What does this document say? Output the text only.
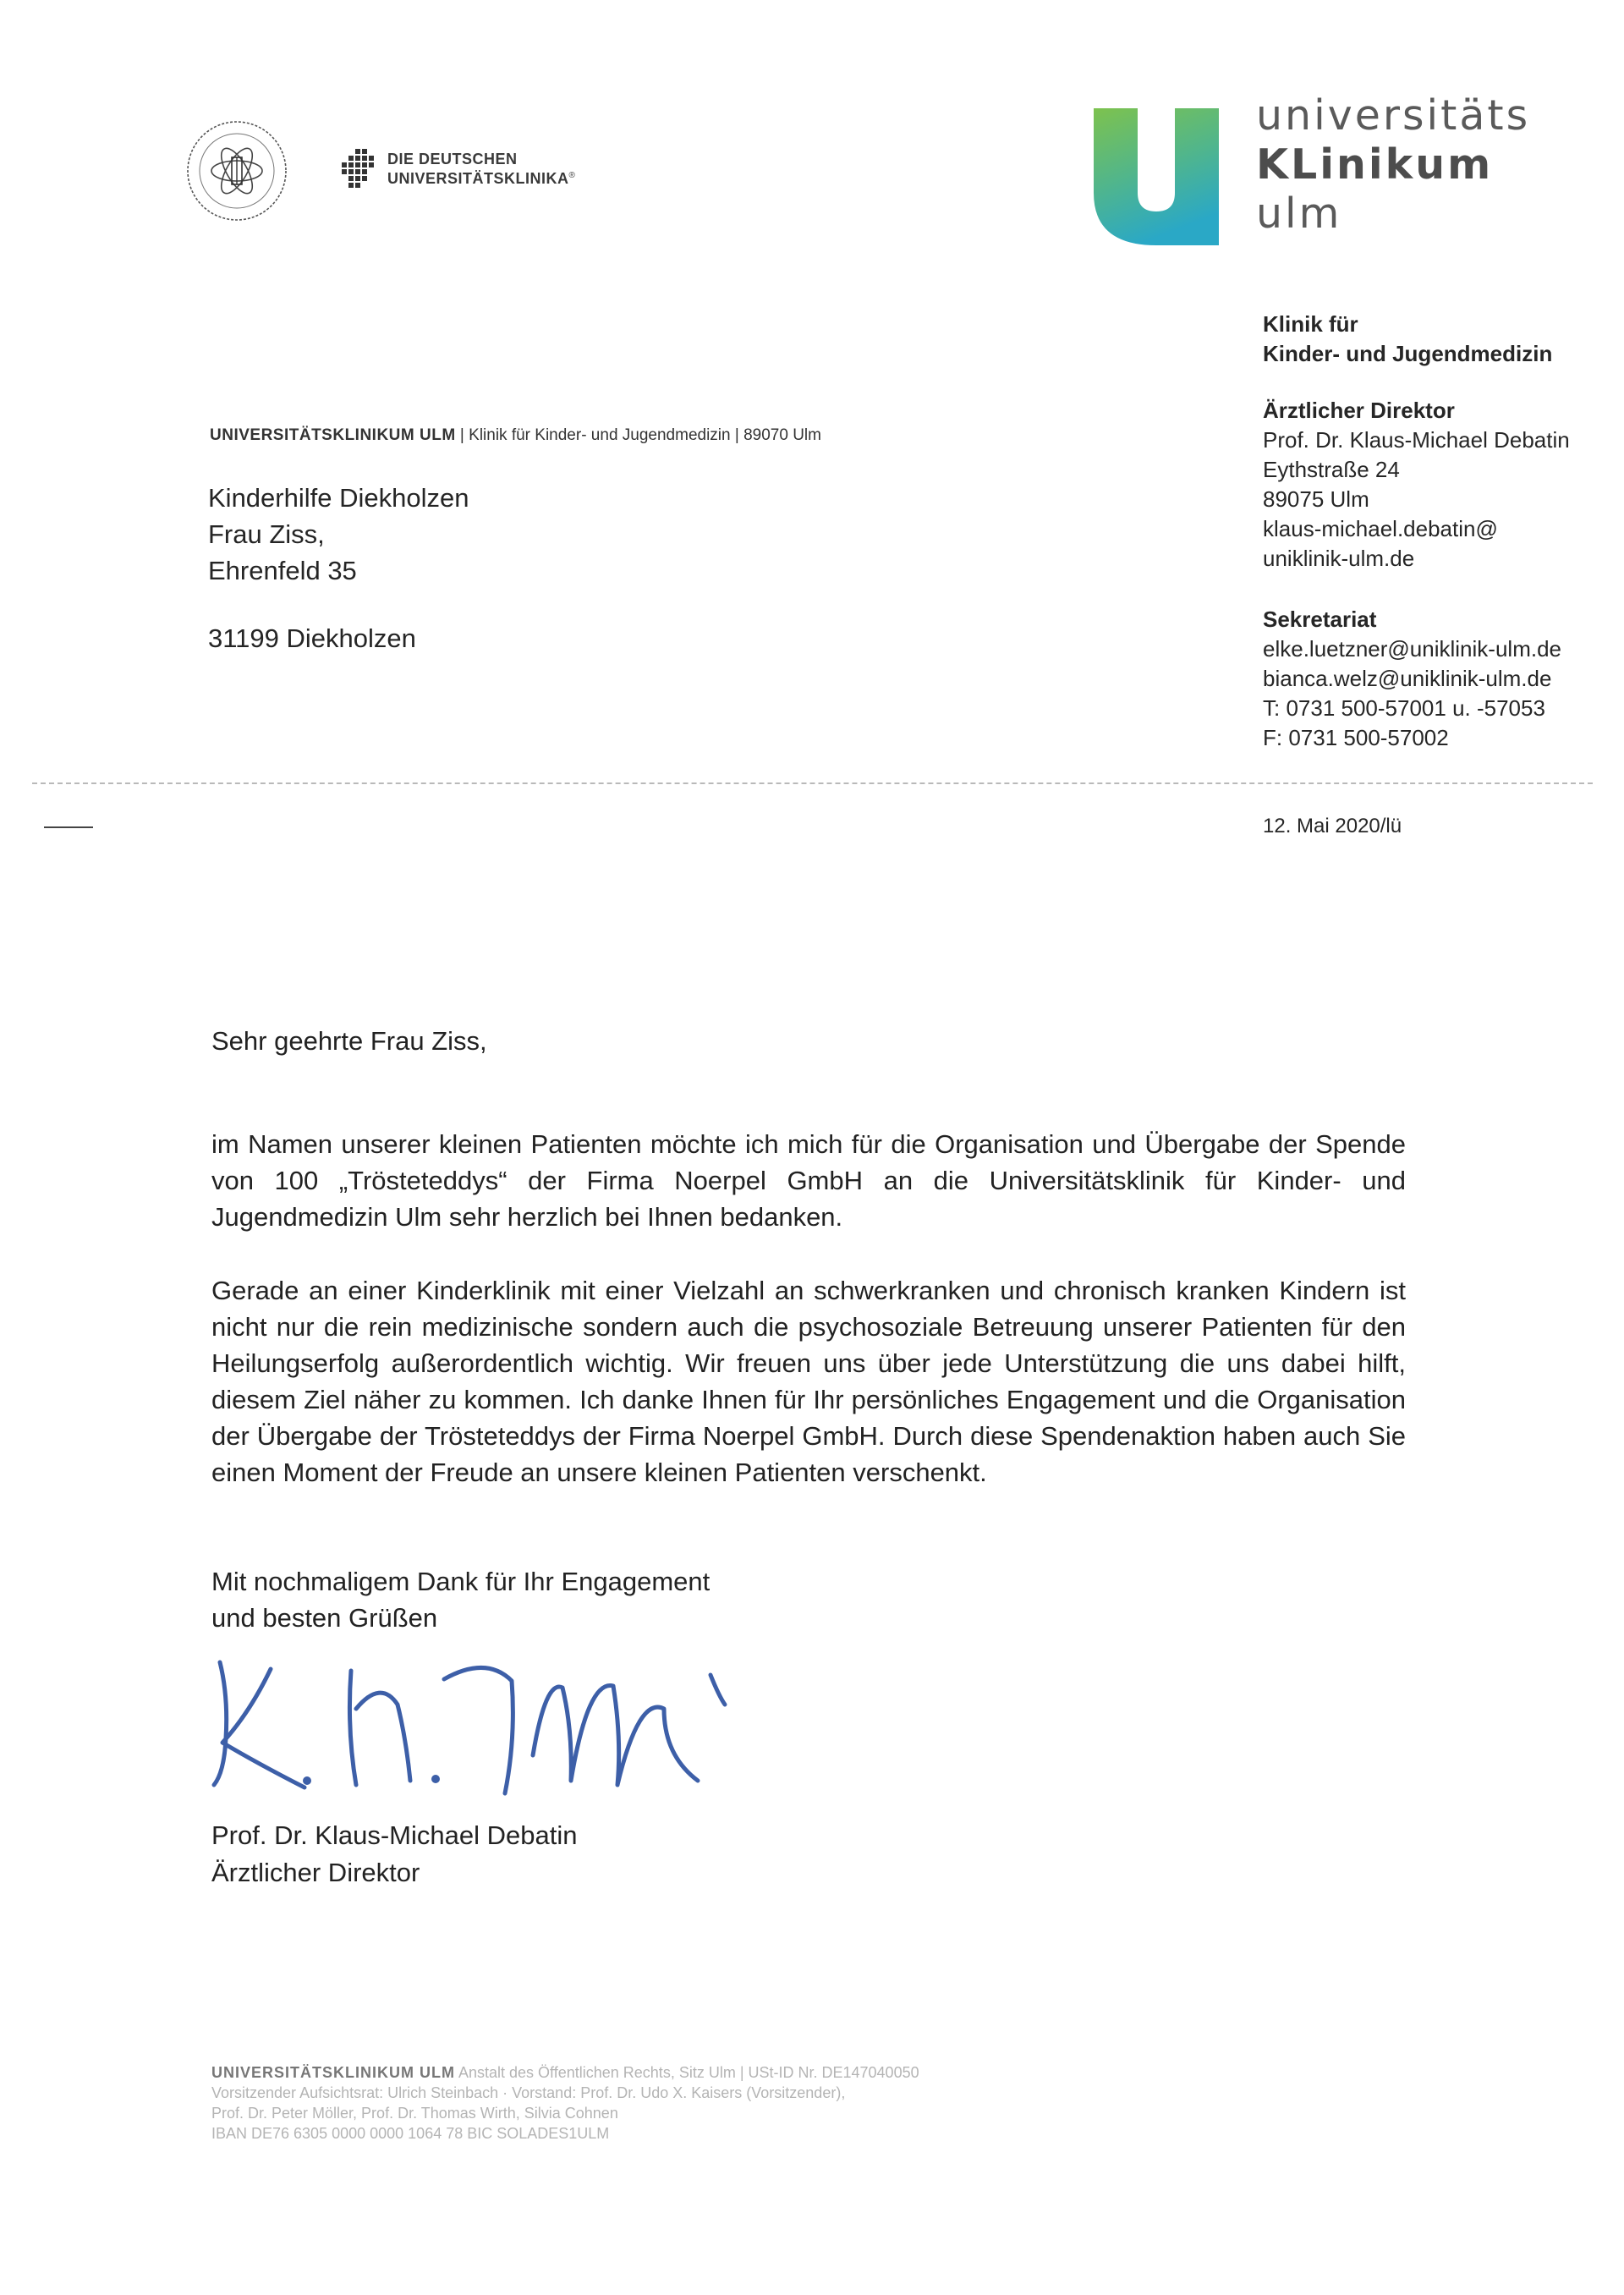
DIE DEUTSCHEN
UNIVERSITÄTSKLINIKA®
universitäts
KLinikum
ulm
Klinik für
Kinder- und Jugendmedizin
Ärztlicher Direktor
Prof. Dr. Klaus-Michael Debatin
Eythstraße 24
89075 Ulm
klaus-michael.debatin@
uniklinik-ulm.de
Sekretariat
elke.luetzner@uniklinik-ulm.de
bianca.welz@uniklinik-ulm.de
T: 0731 500-57001 u. -57053
F: 0731 500-57002
12. Mai 2020/lü
UNIVERSITÄTSKLINIKUM ULM | Klinik für Kinder- und Jugendmedizin | 89070 Ulm
Kinderhilfe Diekholzen
Frau Ziss,
Ehrenfeld 35
31199 Diekholzen
Sehr geehrte Frau Ziss,
im Namen unserer kleinen Patienten möchte ich mich für die Organisation und Übergabe der Spende von 100 „Trösteteddys“ der Firma Noerpel GmbH an die Universitätsklinik für Kinder- und Jugendmedizin Ulm sehr herzlich bei Ihnen bedanken.
Gerade an einer Kinderklinik mit einer Vielzahl an schwerkranken und chronisch kranken Kindern ist nicht nur die rein medizinische sondern auch die psychosoziale Betreuung unserer Patienten für den Heilungserfolg außerordentlich wichtig. Wir freuen uns über jede Unterstützung die uns dabei hilft, diesem Ziel näher zu kommen. Ich danke Ihnen für Ihr persönliches Engagement und die Organisation der Übergabe der Trösteteddys der Firma Noerpel GmbH. Durch diese Spendenaktion haben auch Sie einen Moment der Freude an unsere kleinen Patienten verschenkt.
Mit nochmaligem Dank für Ihr Engagement
und besten Grüßen
Prof. Dr. Klaus-Michael Debatin
Ärztlicher Direktor
UNIVERSITÄTSKLINIKUM ULM Anstalt des Öffentlichen Rechts, Sitz Ulm | USt-ID Nr. DE147040050
Vorsitzender Aufsichtsrat: Ulrich Steinbach · Vorstand: Prof. Dr. Udo X. Kaisers (Vorsitzender),
Prof. Dr. Peter Möller, Prof. Dr. Thomas Wirth, Silvia Cohnen
IBAN DE76 6305 0000 0000 1064 78 BIC SOLADES1ULM
